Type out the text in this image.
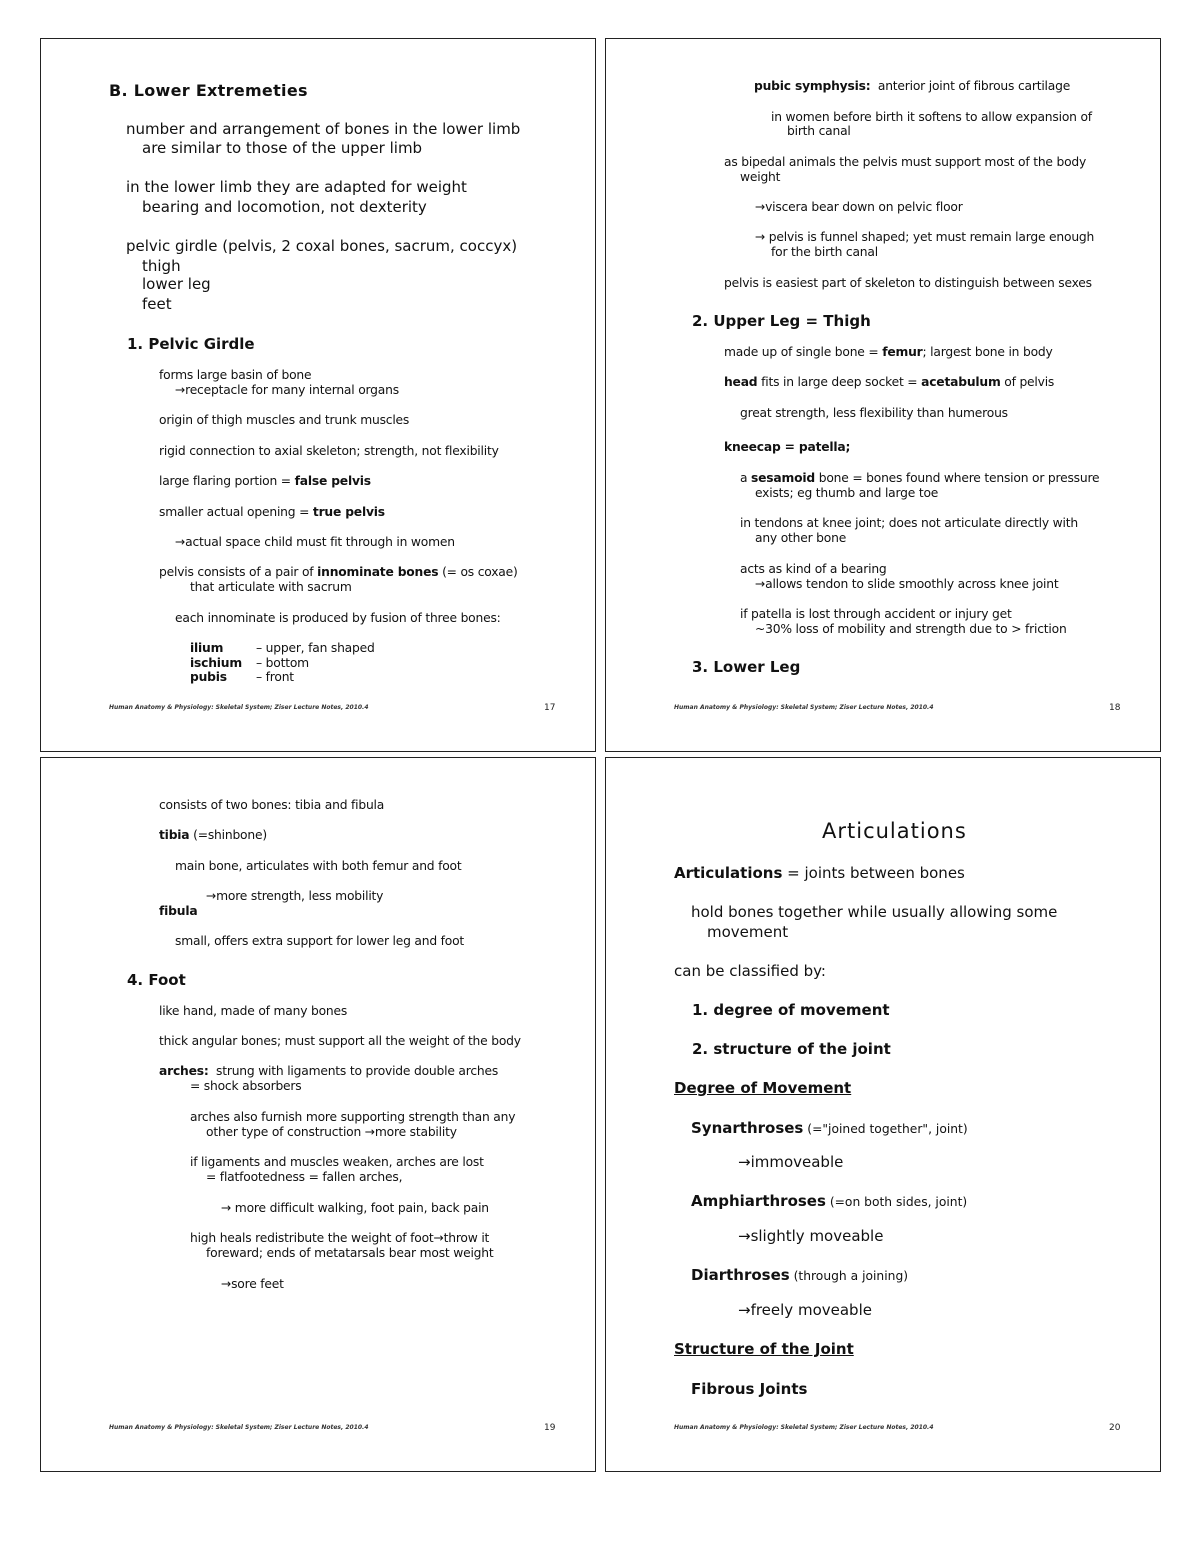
B. Lower Extremeties
number and arrangement of bones in the lower limb
are similar to those of the upper limb
in the lower limb they are adapted for weight
bearing and locomotion, not dexterity
pelvic girdle (pelvis, 2 coxal bones, sacrum, coccyx)
thigh
lower leg
feet
1. Pelvic Girdle
forms large basin of bone
→receptacle for many internal organs
origin of thigh muscles and trunk muscles
rigid connection to axial skeleton; strength, not flexibility
large flaring portion = false pelvis
smaller actual opening = true pelvis
→actual space child must fit through in women
pelvis consists of a pair of innominate bones (= os coxae)
that articulate with sacrum
each innominate is produced by fusion of three bones:
ilium	– upper, fan shaped
ischium – bottom
pubis – front
Human Anatomy & Physiology: Skeletal System; Ziser Lecture Notes, 2010.4	17
pubic symphysis: anterior joint of fibrous cartilage
in women before birth it softens to allow expansion of
birth canal
as bipedal animals the pelvis must support most of the body
weight
→viscera bear down on pelvic floor
→ pelvis is funnel shaped; yet must remain large enough
for the birth canal
pelvis is easiest part of skeleton to distinguish between sexes
2. Upper Leg = Thigh
made up of single bone = femur; largest bone in body
head fits in large deep socket = acetabulum of pelvis
great strength, less flexibility than humerous
kneecap = patella;
a sesamoid bone = bones found where tension or pressure
exists; eg thumb and large toe
in tendons at knee joint; does not articulate directly with
any other bone
acts as kind of a bearing
→allows tendon to slide smoothly across knee joint
if patella is lost through accident or injury get
~30% loss of mobility and strength due to > friction
3. Lower Leg
Human Anatomy & Physiology: Skeletal System; Ziser Lecture Notes, 2010.4	18
consists of two bones: tibia and fibula
tibia (=shinbone)
main bone, articulates with both femur and foot
→more strength, less mobility
fibula
small, offers extra support for lower leg and foot
4. Foot
like hand, made of many bones
thick angular bones; must support all the weight of the body
arches: strung with ligaments to provide double arches
= shock absorbers
arches also furnish more supporting strength than any
other type of construction →more stability
if ligaments and muscles weaken, arches are lost
= flatfootedness = fallen arches,
→ more difficult walking, foot pain, back pain
high heals redistribute the weight of foot→throw it
foreward; ends of metatarsals bear most weight
→sore feet
Human Anatomy & Physiology: Skeletal System; Ziser Lecture Notes, 2010.4	19
Articulations
Articulations = joints between bones
hold bones together while usually allowing some
movement
can be classified by:
1. degree of movement
2. structure of the joint
Degree of Movement
Synarthroses (="joined together", joint)
→immoveable
Amphiarthroses (=on both sides, joint)
→slightly moveable
Diarthroses (through a joining)
→freely moveable
Structure of the Joint
Fibrous Joints
Human Anatomy & Physiology: Skeletal System; Ziser Lecture Notes, 2010.4	20
